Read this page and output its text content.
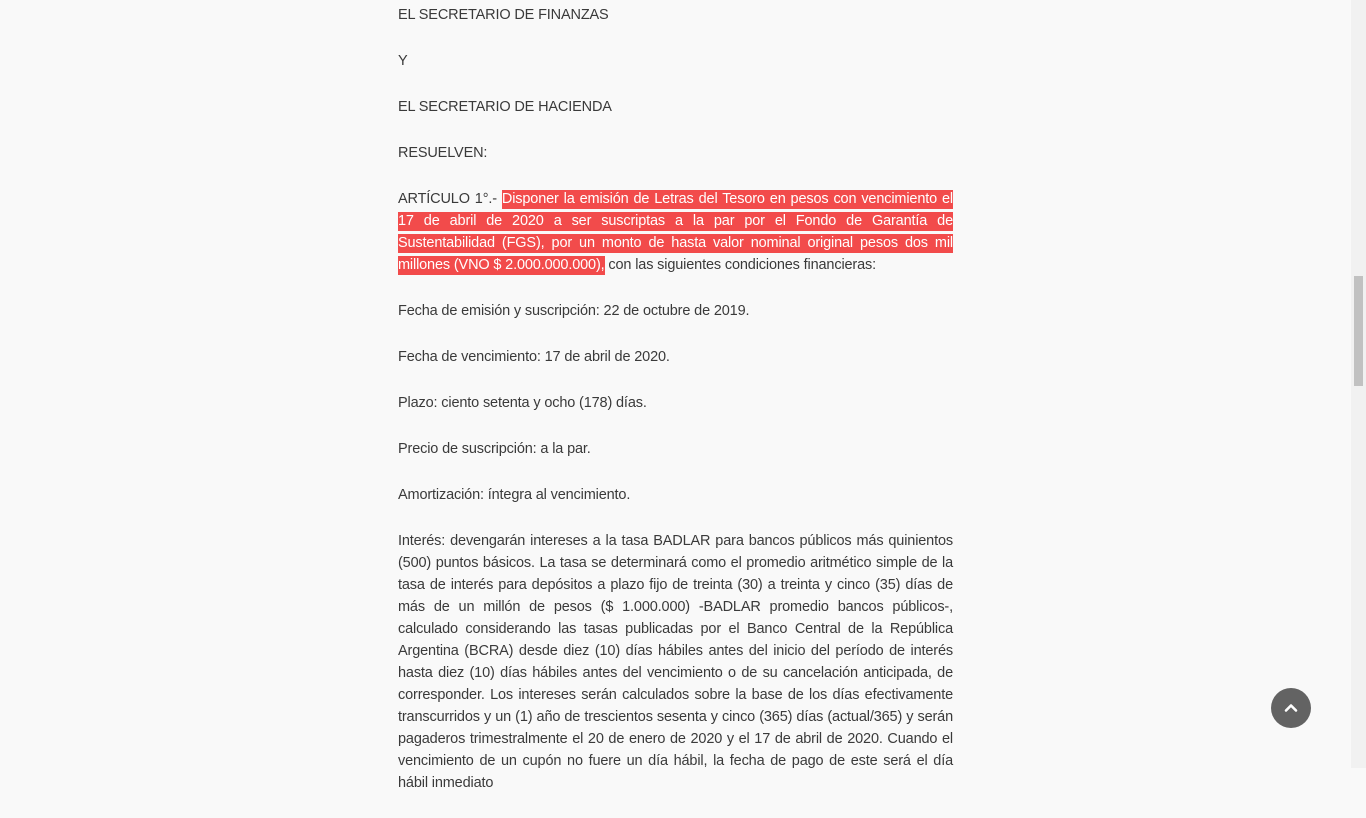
EL SECRETARIO DE FINANZAS

Y

EL SECRETARIO DE HACIENDA

RESUELVEN:

ARTÍCULO 1°.- Disponer la emisión de Letras del Tesoro en pesos con vencimiento el 17 de abril de 2020 a ser suscriptas a la par por el Fondo de Garantía de Sustentabilidad (FGS), por un monto de hasta valor nominal original pesos dos mil millones (VNO $ 2.000.000.000), con las siguientes condiciones financieras:

Fecha de emisión y suscripción: 22 de octubre de 2019.

Fecha de vencimiento: 17 de abril de 2020.

Plazo: ciento setenta y ocho (178) días.

Precio de suscripción: a la par.

Amortización: íntegra al vencimiento.

Interés: devengarán intereses a la tasa BADLAR para bancos públicos más quinientos (500) puntos básicos. La tasa se determinará como el promedio aritmético simple de la tasa de interés para depósitos a plazo fijo de treinta (30) a treinta y cinco (35) días de más de un millón de pesos ($ 1.000.000) -BADLAR promedio bancos públicos-, calculado considerando las tasas publicadas por el Banco Central de la República Argentina (BCRA) desde diez (10) días hábiles antes del inicio del período de interés hasta diez (10) días hábiles antes del vencimiento o de su cancelación anticipada, de corresponder. Los intereses serán calculados sobre la base de los días efectivamente transcurridos y un (1) año de trescientos sesenta y cinco (365) días (actual/365) y serán pagaderos trimestralmente el 20 de enero de 2020 y el 17 de abril de 2020. Cuando el vencimiento de un cupón no fuere un día hábil, la fecha de pago de este será el día hábil inmediato
